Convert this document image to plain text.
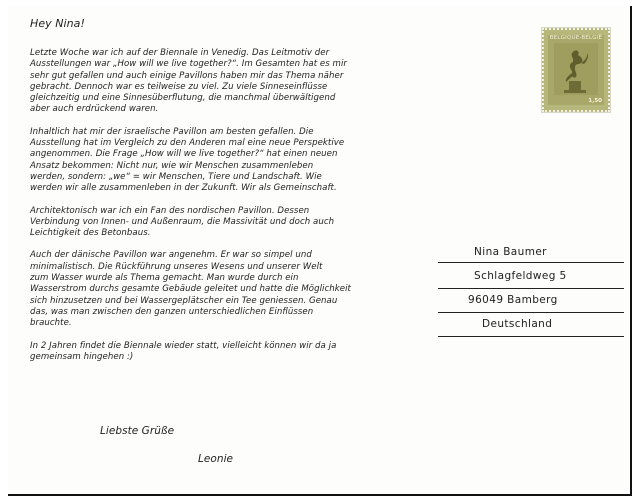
Hey Nina!

Letzte Woche war ich auf der Biennale in Venedig. Das Leitmotiv der
Ausstellungen war „How will we live together?“. Im Gesamten hat es mir
sehr gut gefallen und auch einige Pavillons haben mir das Thema näher
gebracht. Dennoch war es teilweise zu viel. Zu viele Sinneseinflüsse
gleichzeitig und eine Sinnesüberflutung, die manchmal überwältigend
aber auch erdrückend waren.

Inhaltlich hat mir der israelische Pavillon am besten gefallen. Die
Ausstellung hat im Vergleich zu den Anderen mal eine neue Perspektive
angenommen. Die Frage „How will we live together?“ hat einen neuen
Ansatz bekommen: Nicht nur, wie wir Menschen zusammenleben
werden, sondern: „we“ = wir Menschen, Tiere und Landschaft. Wie
werden wir alle zusammenleben in der Zukunft. Wir als Gemeinschaft.

Architektonisch war ich ein Fan des nordischen Pavillon. Dessen
Verbindung von Innen- und Außenraum, die Massivität und doch auch
Leichtigkeit des Betonbaus.

Auch der dänische Pavillon war angenehm. Er war so simpel und
minimalistisch. Die Rückführung unseres Wesens und unserer Welt
zum Wasser wurde als Thema gemacht. Man wurde durch ein
Wasserstrom durchs gesamte Gebäude geleitet und hatte die Möglichkeit
sich hinzusetzen und bei Wassergeplätscher ein Tee geniessen. Genau
das, was man zwischen den ganzen unterschiedlichen Einflüssen
brauchte.

In 2 Jahren findet die Biennale wieder statt, vielleicht können wir da ja
gemeinsam hingehen :)

Liebste Grüße
Leonie
BELGIQUE-BELGIË
1,50
Nina Baumer
Schlagfeldweg 5
96049 Bamberg
Deutschland
